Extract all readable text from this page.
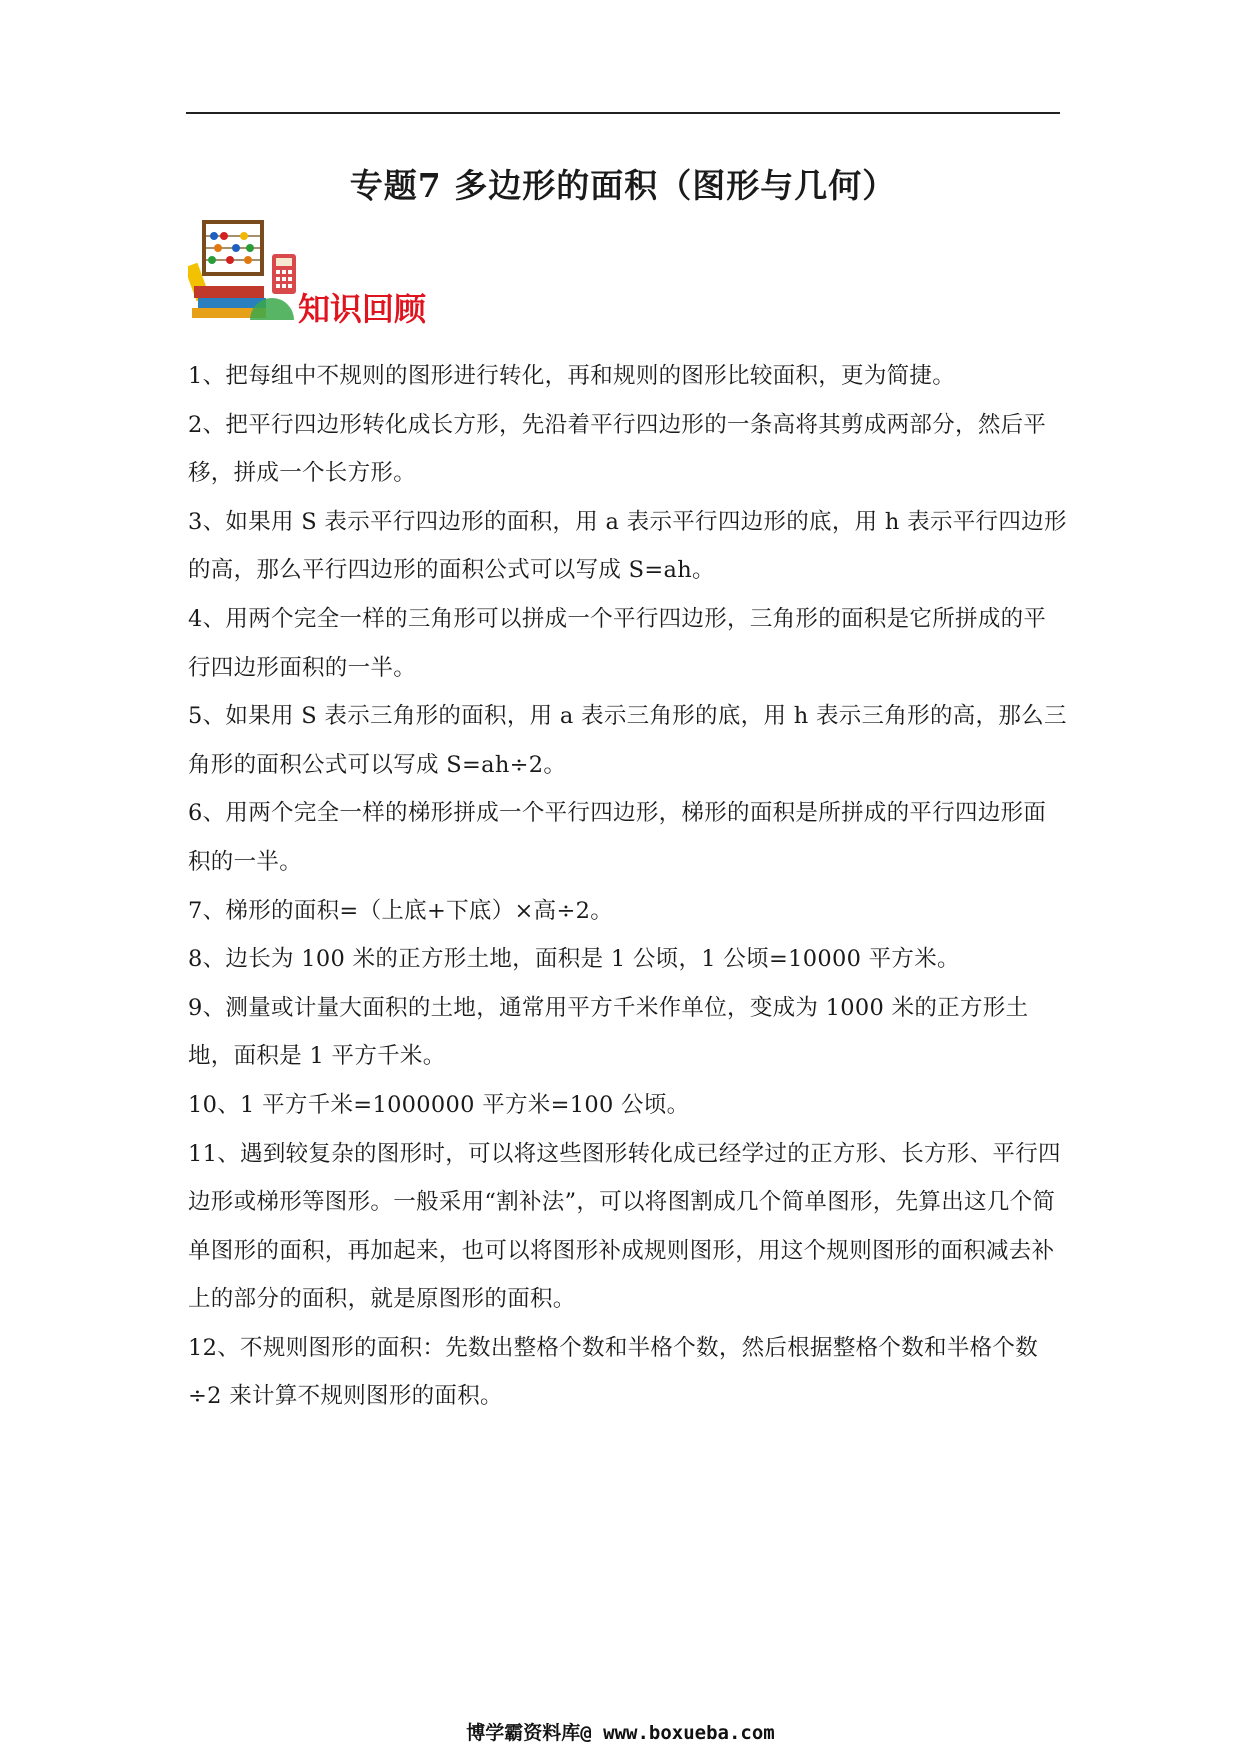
专题7 多边形的面积（图形与几何）
知识回顾
1、把每组中不规则的图形进行转化，再和规则的图形比较面积，更为简捷。
2、把平行四边形转化成长方形，先沿着平行四边形的一条高将其剪成两部分，然后平移，拼成一个长方形。
3、如果用 S 表示平行四边形的面积，用 a 表示平行四边形的底，用 h 表示平行四边形的高，那么平行四边形的面积公式可以写成 S=ah。
4、用两个完全一样的三角形可以拼成一个平行四边形，三角形的面积是它所拼成的平行四边形面积的一半。
5、如果用 S 表示三角形的面积，用 a 表示三角形的底，用 h 表示三角形的高，那么三角形的面积公式可以写成 S=ah÷2。
6、用两个完全一样的梯形拼成一个平行四边形，梯形的面积是所拼成的平行四边形面积的一半。
7、梯形的面积=（上底+下底）×高÷2。
8、边长为 100 米的正方形土地，面积是 1 公顷，1 公顷=10000 平方米。
9、测量或计量大面积的土地，通常用平方千米作单位，变成为 1000 米的正方形土地，面积是 1 平方千米。
10、1 平方千米=1000000 平方米=100 公顷。
11、遇到较复杂的图形时，可以将这些图形转化成已经学过的正方形、长方形、平行四边形或梯形等图形。一般采用“割补法”，可以将图割成几个简单图形，先算出这几个简单图形的面积，再加起来，也可以将图形补成规则图形，用这个规则图形的面积减去补上的部分的面积，就是原图形的面积。
12、不规则图形的面积：先数出整格个数和半格个数，然后根据整格个数和半格个数÷2 来计算不规则图形的面积。
博学霸资料库@ www.boxueba.com
